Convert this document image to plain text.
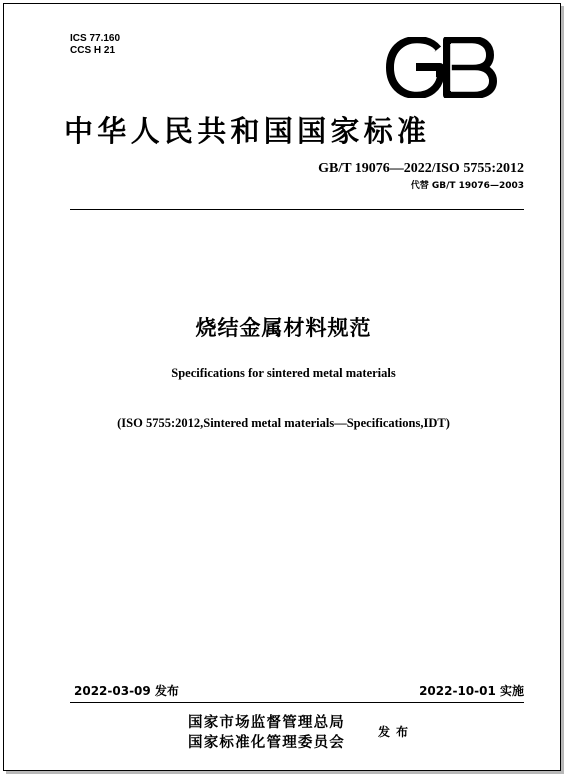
ICS 77.160
CCS H 21
中华人民共和国国家标准
GB/T 19076—2022/ISO 5755:2012
代替 GB/T 19076—2003
烧结金属材料规范
Specifications for sintered metal materials
(ISO 5755:2012,Sintered metal materials—Specifications,IDT)
2022-03-09 发布	2022-10-01 实施
国家市场监督管理总局
国家标准化管理委员会
发布
